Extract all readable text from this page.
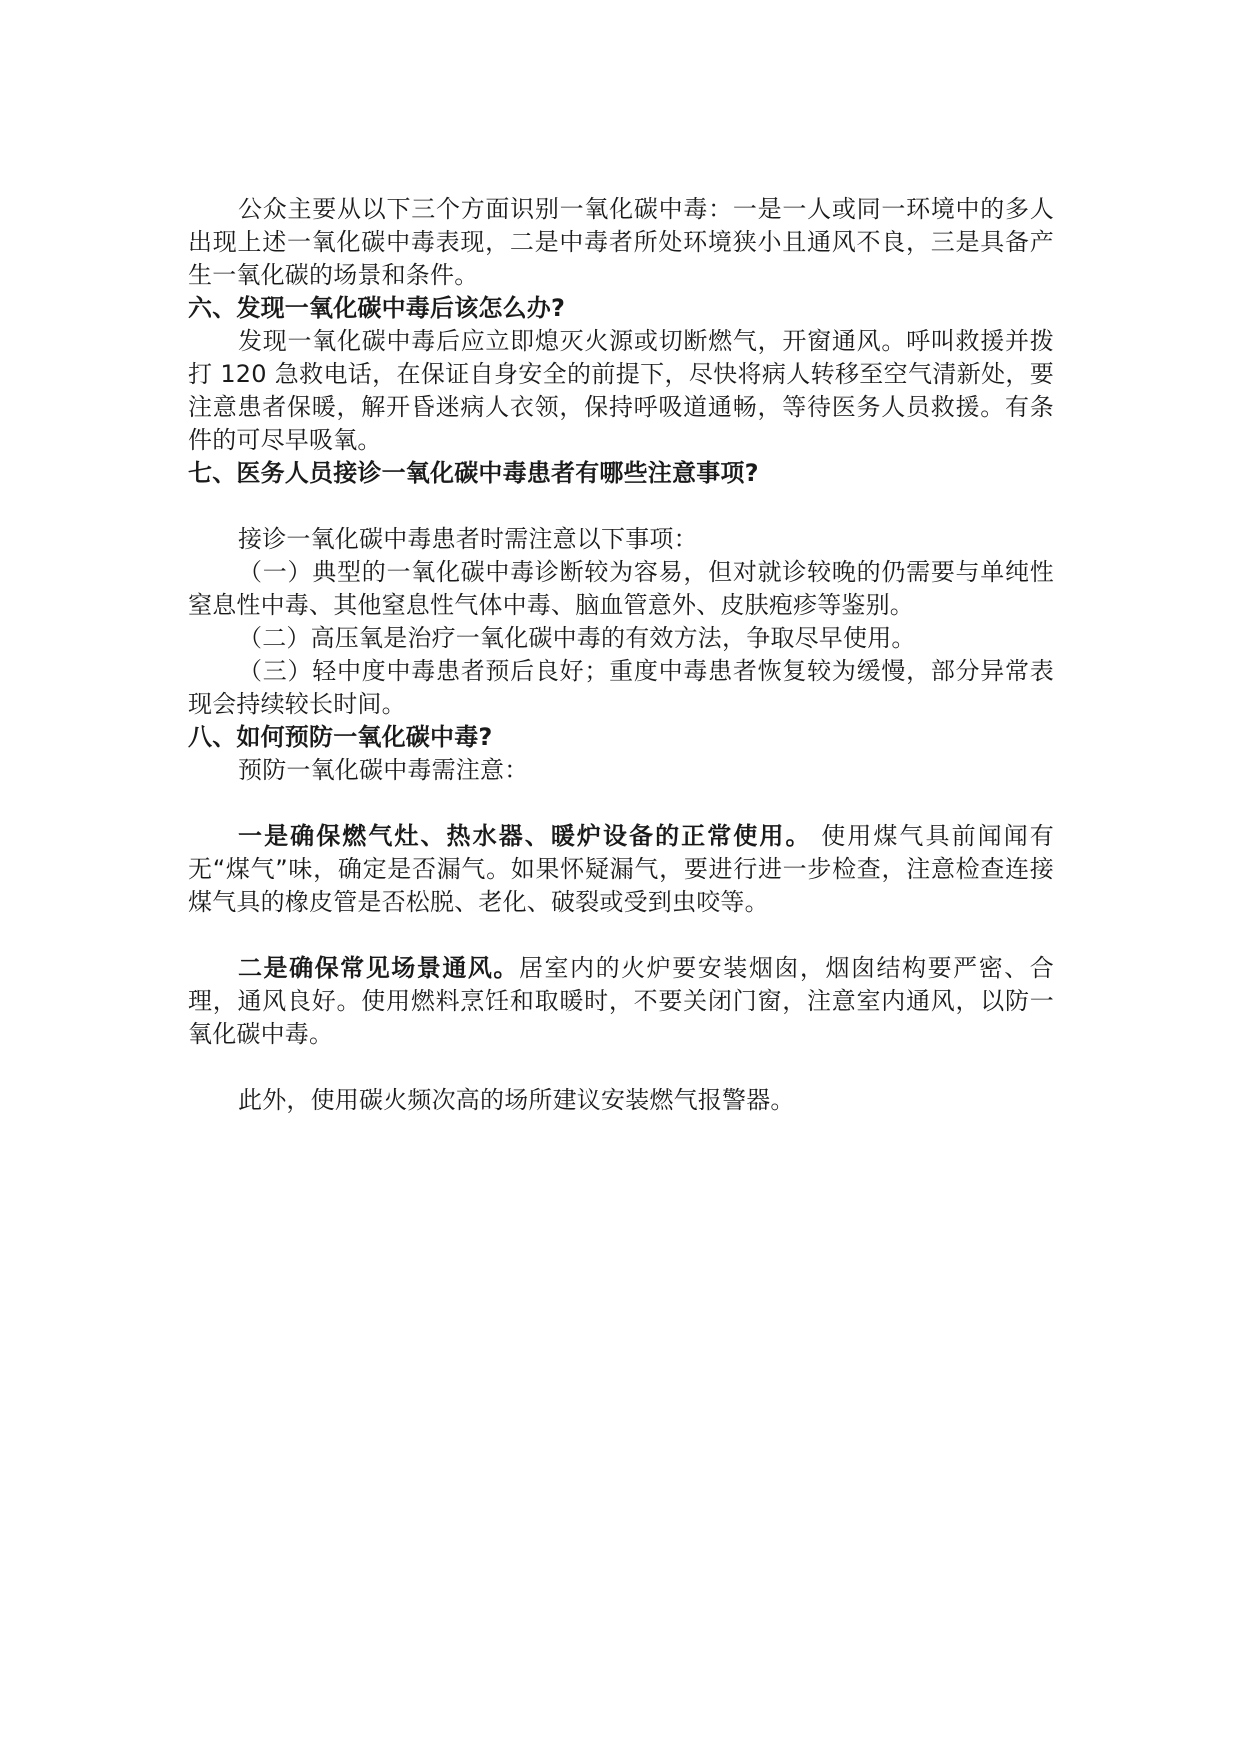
公众主要从以下三个方面识别一氧化碳中毒：一是一人或同一环境中的多人出现上述一氧化碳中毒表现，二是中毒者所处环境狭小且通风不良，三是具备产生一氧化碳的场景和条件。

六、发现一氧化碳中毒后该怎么办?

发现一氧化碳中毒后应立即熄灭火源或切断燃气，开窗通风。呼叫救援并拨打 120 急救电话，在保证自身安全的前提下，尽快将病人转移至空气清新处，要注意患者保暖，解开昏迷病人衣领，保持呼吸道通畅，等待医务人员救援。有条件的可尽早吸氧。

七、医务人员接诊一氧化碳中毒患者有哪些注意事项?

接诊一氧化碳中毒患者时需注意以下事项：

（一）典型的一氧化碳中毒诊断较为容易，但对就诊较晚的仍需要与单纯性窒息性中毒、其他窒息性气体中毒、脑血管意外、皮肤疱疹等鉴别。

（二）高压氧是治疗一氧化碳中毒的有效方法，争取尽早使用。

（三）轻中度中毒患者预后良好；重度中毒患者恢复较为缓慢，部分异常表现会持续较长时间。

八、如何预防一氧化碳中毒?

预防一氧化碳中毒需注意：

一是确保燃气灶、热水器、暖炉设备的正常使用。 使用煤气具前闻闻有无“煤气”味，确定是否漏气。如果怀疑漏气，要进行进一步检查，注意检查连接煤气具的橡皮管是否松脱、老化、破裂或受到虫咬等。

二是确保常见场景通风。居室内的火炉要安装烟囱，烟囱结构要严密、合理，通风良好。使用燃料烹饪和取暖时，不要关闭门窗，注意室内通风，以防一氧化碳中毒。

此外，使用碳火频次高的场所建议安装燃气报警器。
